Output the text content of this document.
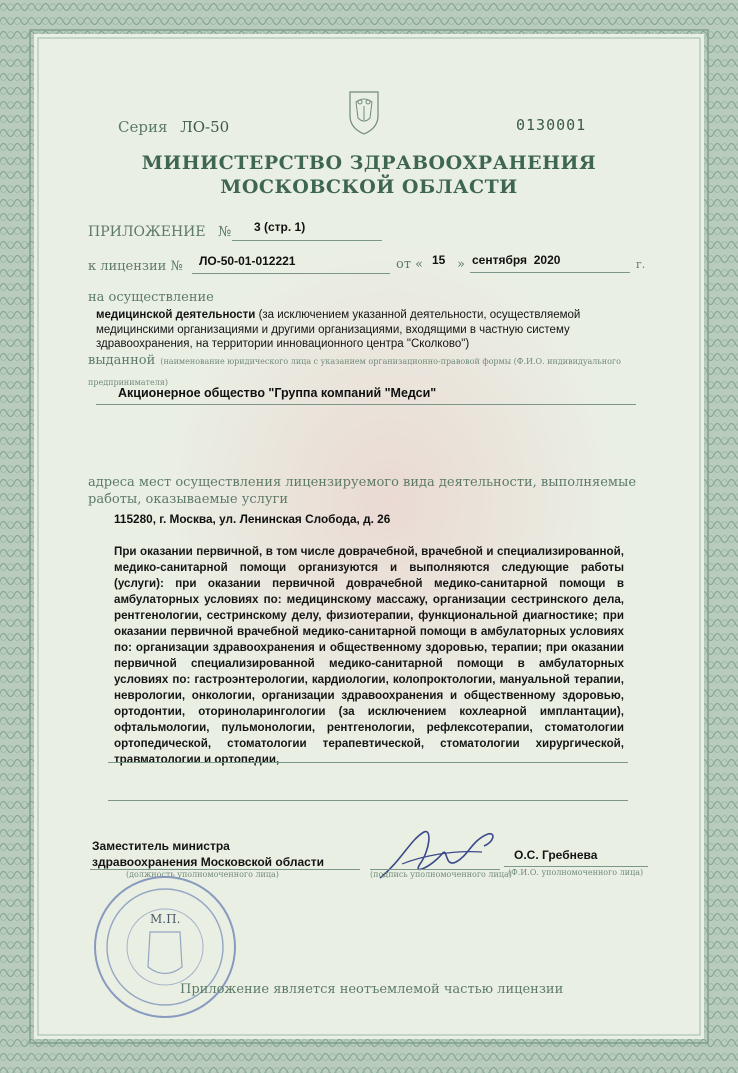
Серия ЛО-50	0130001
МИНИСТЕРСТВО ЗДРАВООХРАНЕНИЯ
МОСКОВСКОЙ ОБЛАСТИ
ПРИЛОЖЕНИЕ № 3 (стр. 1)
к лицензии № ЛО-50-01-012221	от « 15 » сентября  2020	г.
на осуществление
медицинской деятельности (за исключением указанной деятельности, осуществляемой медицинскими организациями и другими организациями, входящими в частную систему здравоохранения, на территории инновационного центра "Сколково")
выданной (наименование юридического лица с указанием организационно-правовой формы (Ф.И.О. индивидуального предпринимателя)
Акционерное общество "Группа компаний "Медси"
адреса мест осуществления лицензируемого вида деятельности, выполняемые работы, оказываемые услуги
115280, г. Москва, ул. Ленинская Слобода, д. 26
При оказании первичной, в том числе доврачебной, врачебной и специализированной, медико-санитарной помощи организуются и выполняются следующие работы (услуги): при оказании первичной доврачебной медико-санитарной помощи в амбулаторных условиях по: медицинскому массажу, организации сестринского дела, рентгенологии, сестринскому делу, физиотерапии, функциональной диагностике; при оказании первичной врачебной медико-санитарной помощи в амбулаторных условиях по: организации здравоохранения и общественному здоровью, терапии; при оказании первичной специализированной медико-санитарной помощи в амбулаторных условиях по: гастроэнтерологии, кардиологии, колопроктологии, мануальной терапии, неврологии, онкологии, организации здравоохранения и общественному здоровью, ортодонтии, оториноларингологии (за исключением кохлеарной имплантации), офтальмологии, пульмонологии, рентгенологии, рефлексотерапии, стоматологии ортопедической, стоматологии терапевтической, стоматологии хирургической, травматологии и ортопедии,
Заместитель министра
здравоохранения Московской области
(должность уполномоченного лица)	(подпись уполномоченного лица)
О.С. Гребнева
(Ф.И.О. уполномоченного лица)
М.П.
Приложение является неотъемлемой частью лицензии
